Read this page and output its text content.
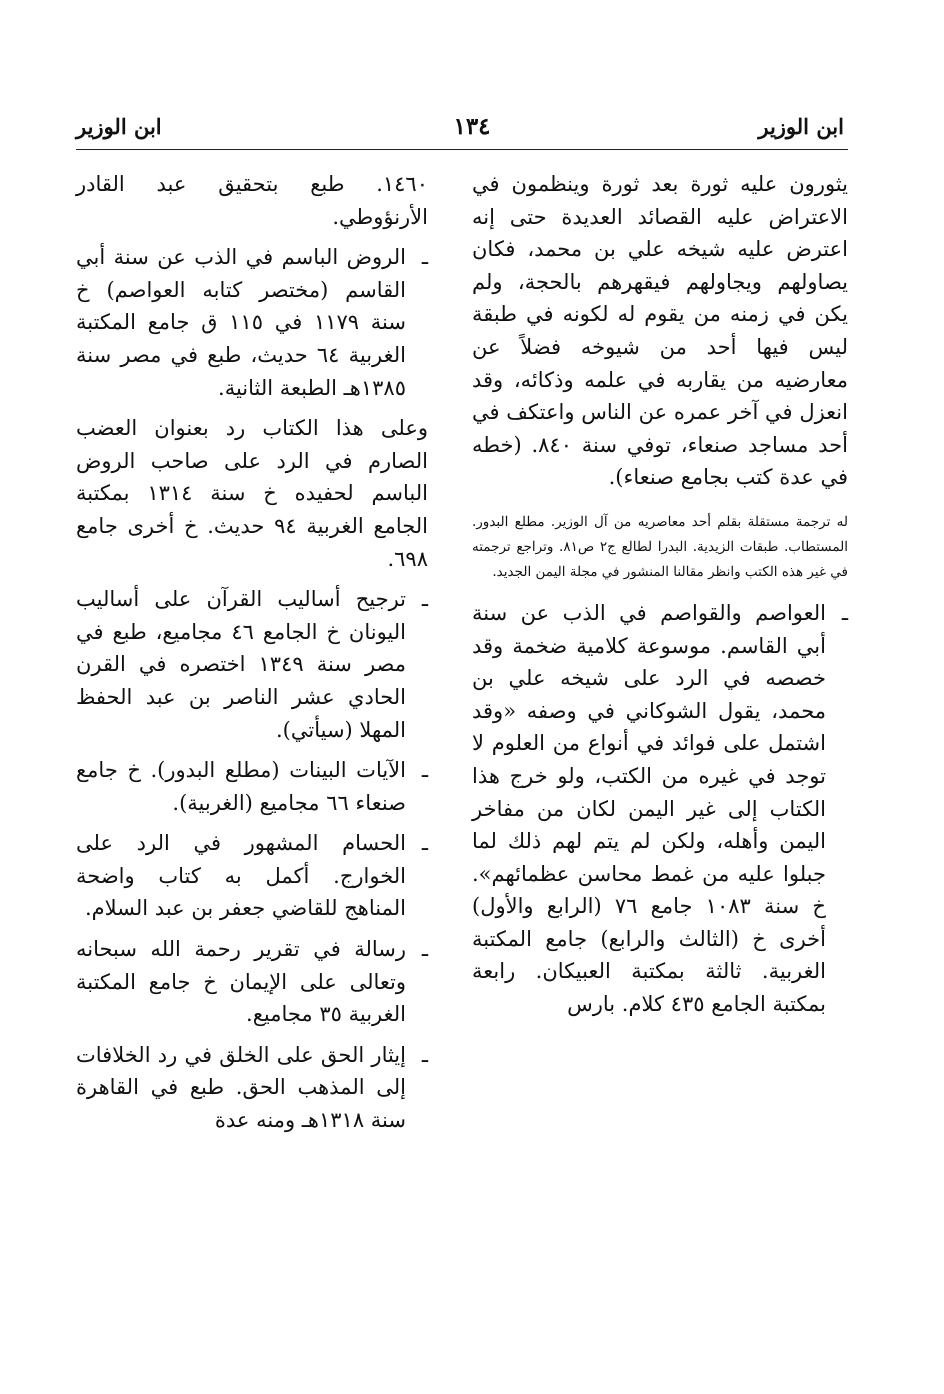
ابن الوزير
١٣٤
ابن الوزير

يثورون عليه ثورة بعد ثورة وينظمون في الاعتراض عليه القصائد العديدة حتى إنه اعترض عليه شيخه علي بن محمد، فكان يصاولهم ويجاولهم فيقهرهم بالحجة، ولم يكن في زمنه من يقوم له لكونه في طبقة ليس فيها أحد من شيوخه فضلاً عن معارضيه من يقاربه في علمه وذكائه، وقد انعزل في آخر عمره عن الناس واعتكف في أحد مساجد صنعاء، توفي سنة ٨٤٠. (خطه في عدة كتب بجامع صنعاء).

له ترجمة مستقلة بقلم أحد معاصريه من آل الوزير. مطلع البدور. المستطاب. طبقات الزيدية. البدرا لطالع ج٢ ص٨١. وتراجع ترجمته في غير هذه الكتب وانظر مقالنا المنشور في مجلة اليمن الجديد.

ـ
العواصم والقواصم في الذب عن سنة أبي القاسم. موسوعة كلامية ضخمة وقد خصصه في الرد على شيخه علي بن محمد، يقول الشوكاني في وصفه «وقد اشتمل على فوائد في أنواع من العلوم لا توجد في غيره من الكتب، ولو خرج هذا الكتاب إلى غير اليمن لكان من مفاخر اليمن وأهله، ولكن لم يتم لهم ذلك لما جبلوا عليه من غمط محاسن عظمائهم». خ سنة ١٠٨٣ جامع ٧٦ (الرابع والأول) أخرى خ (الثالث والرابع) جامع المكتبة الغربية. ثالثة بمكتبة العبيكان. رابعة بمكتبة الجامع ٤٣٥ كلام. بارس

١٤٦٠. طبع بتحقيق عبد القادر الأرنؤوطي.

ـ
الروض الباسم في الذب عن سنة أبي القاسم (مختصر كتابه العواصم) خ سنة ١١٧٩ في ١١٥ ق جامع المكتبة الغربية ٦٤ حديث، طبع في مصر سنة ١٣٨٥هـ الطبعة الثانية.

وعلى هذا الكتاب رد بعنوان العضب الصارم في الرد على صاحب الروض الباسم لحفيده خ سنة ١٣١٤ بمكتبة الجامع الغربية ٩٤ حديث. خ أخرى جامع ٦٩٨.

ـ
ترجيح أساليب القرآن على أساليب اليونان خ الجامع ٤٦ مجاميع، طبع في مصر سنة ١٣٤٩ اختصره في القرن الحادي عشر الناصر بن عبد الحفظ المهلا (سيأتي).
ـ
الآيات البينات (مطلع البدور). خ جامع صنعاء ٦٦ مجاميع (الغربية).
ـ
الحسام المشهور في الرد على الخوارج. أكمل به كتاب واضحة المناهج للقاضي جعفر بن عبد السلام.
ـ
رسالة في تقرير رحمة الله سبحانه وتعالى على الإيمان خ جامع المكتبة الغربية ٣٥ مجاميع.
ـ
إيثار الحق على الخلق في رد الخلافات إلى المذهب الحق. طبع في القاهرة سنة ١٣١٨هـ ومنه عدة
